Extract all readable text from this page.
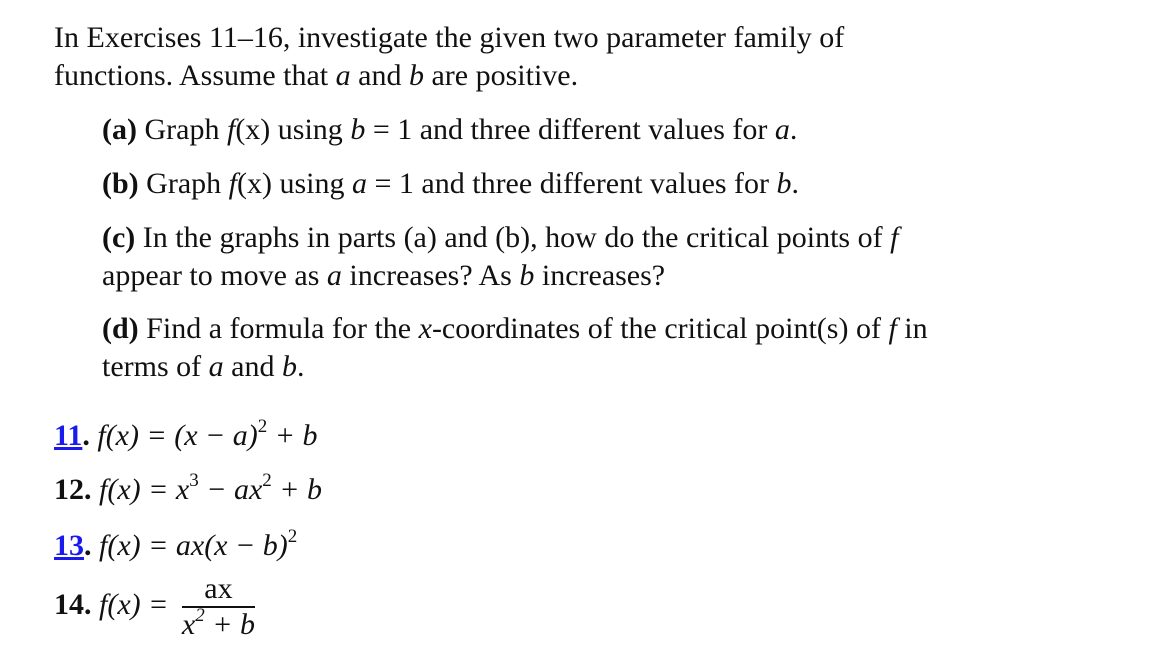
In Exercises 11–16, investigate the given two parameter family of
functions. Assume that a and b are positive.
(a) Graph f(x) using b = 1 and three different values for a.
(b) Graph f(x) using a = 1 and three different values for b.
(c) In the graphs in parts (a) and (b), how do the critical points of f
appear to move as a increases? As b increases?
(d) Find a formula for the x-coordinates of the critical point(s) of f in
terms of a and b.
11. $f(x) = (x - a)^2 + b$
12. $f(x) = x^3 - ax^2 + b$
13. $f(x) = ax(x - b)^2$
14. $f(x) = \frac{ax}{x^2 + b}$
